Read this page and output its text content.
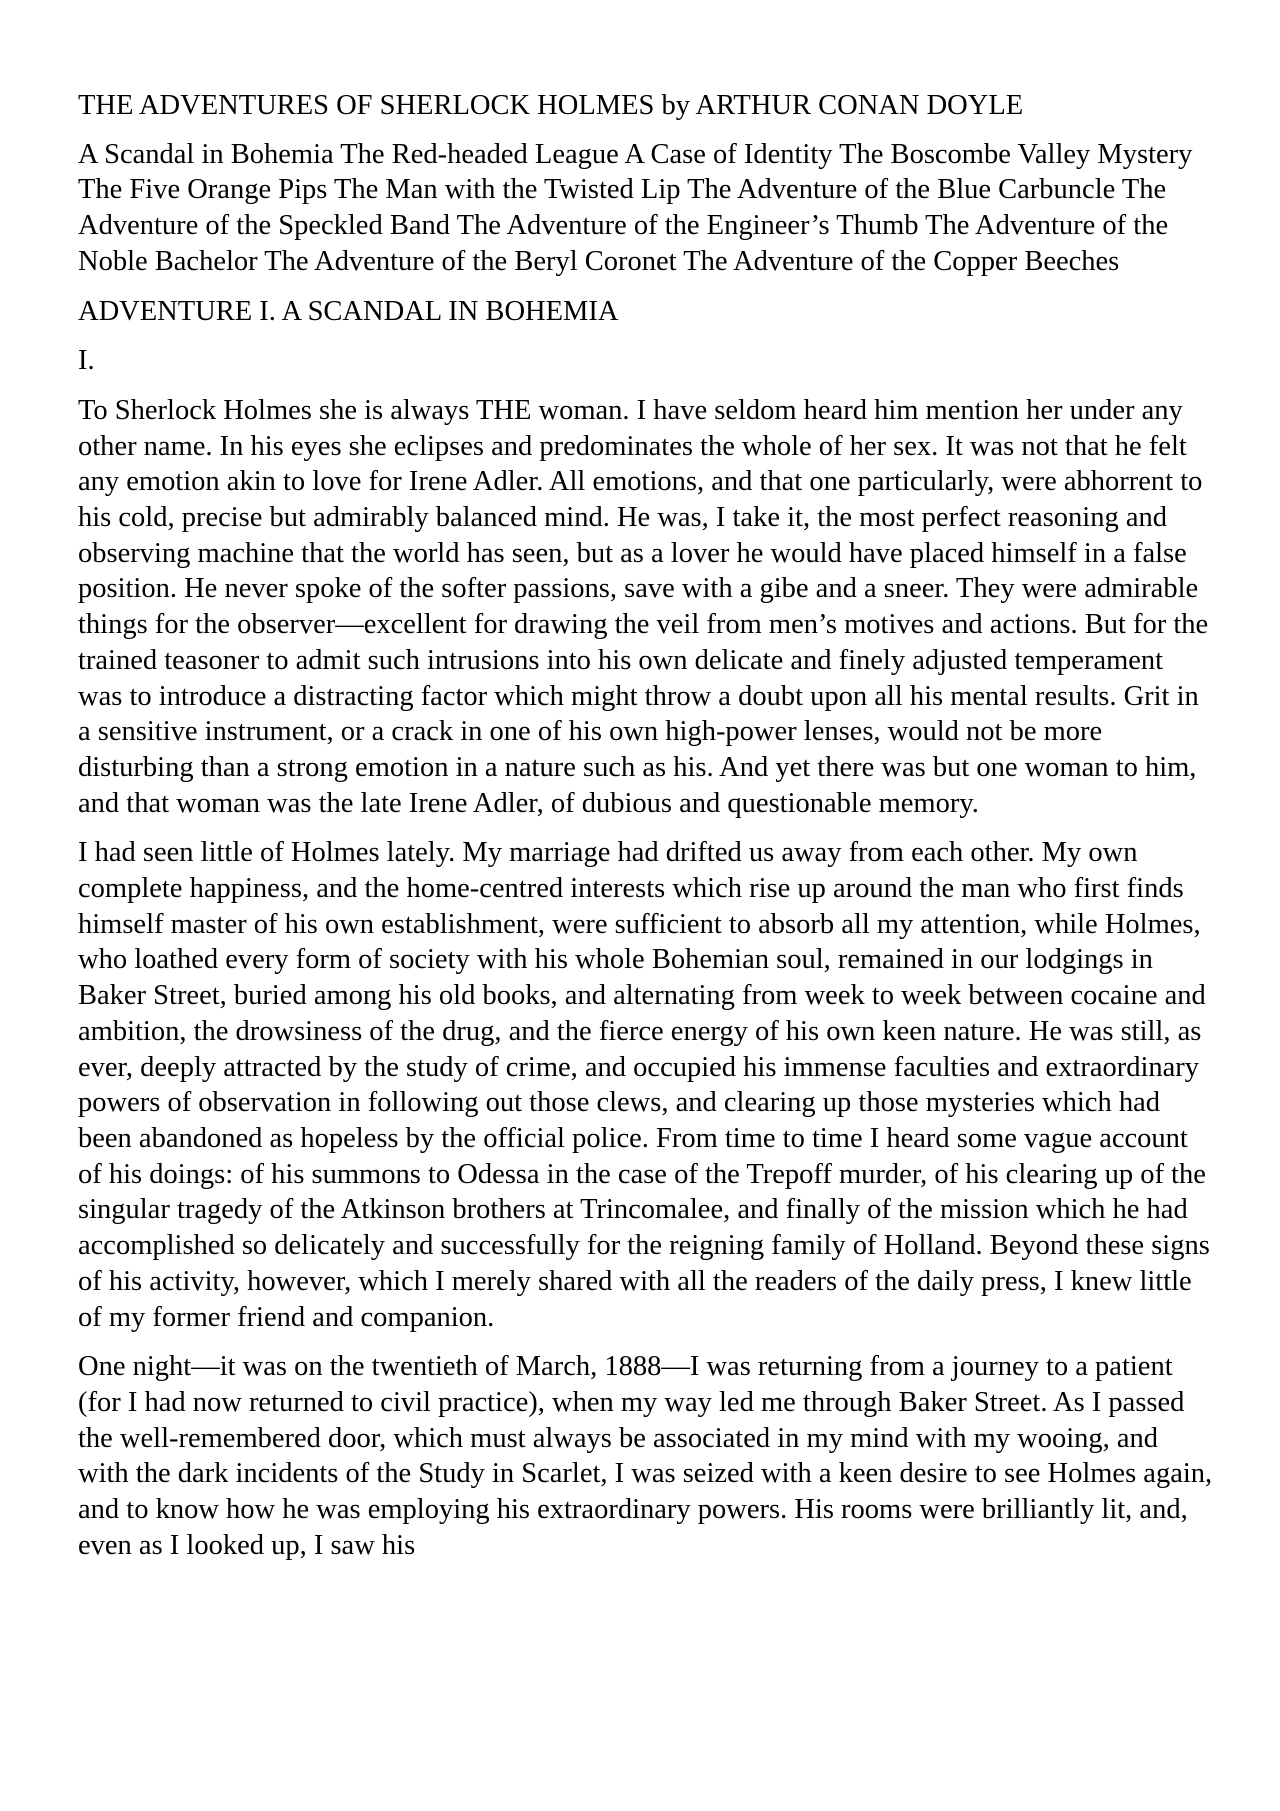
THE ADVENTURES OF SHERLOCK HOLMES by ARTHUR CONAN DOYLE

A Scandal in Bohemia The Red-headed League A Case of Identity The Boscombe Valley Mystery The Five Orange Pips The Man with the Twisted Lip The Adventure of the Blue Carbuncle The Adventure of the Speckled Band The Adventure of the Engineer’s Thumb The Adventure of the Noble Bachelor The Adventure of the Beryl Coronet The Adventure of the Copper Beeches

ADVENTURE I. A SCANDAL IN BOHEMIA

I.

To Sherlock Holmes she is always THE woman. I have seldom heard him mention her under any other name. In his eyes she eclipses and predominates the whole of her sex. It was not that he felt any emotion akin to love for Irene Adler. All emotions, and that one particularly, were abhorrent to his cold, precise but admirably balanced mind. He was, I take it, the most perfect reasoning and observing machine that the world has seen, but as a lover he would have placed himself in a false position. He never spoke of the softer passions, save with a gibe and a sneer. They were admirable things for the observer—excellent for drawing the veil from men’s motives and actions. But for the trained teasoner to admit such intrusions into his own delicate and finely adjusted temperament was to introduce a distracting factor which might throw a doubt upon all his mental results. Grit in a sensitive instrument, or a crack in one of his own high-power lenses, would not be more disturbing than a strong emotion in a nature such as his. And yet there was but one woman to him, and that woman was the late Irene Adler, of dubious and questionable memory.

I had seen little of Holmes lately. My marriage had drifted us away from each other. My own complete happiness, and the home-centred interests which rise up around the man who first finds himself master of his own establishment, were sufficient to absorb all my attention, while Holmes, who loathed every form of society with his whole Bohemian soul, remained in our lodgings in Baker Street, buried among his old books, and alternating from week to week between cocaine and ambition, the drowsiness of the drug, and the fierce energy of his own keen nature. He was still, as ever, deeply attracted by the study of crime, and occupied his immense faculties and extraordinary powers of observation in following out those clews, and clearing up those mysteries which had been abandoned as hopeless by the official police. From time to time I heard some vague account of his doings: of his summons to Odessa in the case of the Trepoff murder, of his clearing up of the singular tragedy of the Atkinson brothers at Trincomalee, and finally of the mission which he had accomplished so delicately and successfully for the reigning family of Holland. Beyond these signs of his activity, however, which I merely shared with all the readers of the daily press, I knew little of my former friend and companion.

One night—it was on the twentieth of March, 1888—I was returning from a journey to a patient (for I had now returned to civil practice), when my way led me through Baker Street. As I passed the well-remembered door, which must always be associated in my mind with my wooing, and with the dark incidents of the Study in Scarlet, I was seized with a keen desire to see Holmes again, and to know how he was employing his extraordinary powers. His rooms were brilliantly lit, and, even as I looked up, I saw his
